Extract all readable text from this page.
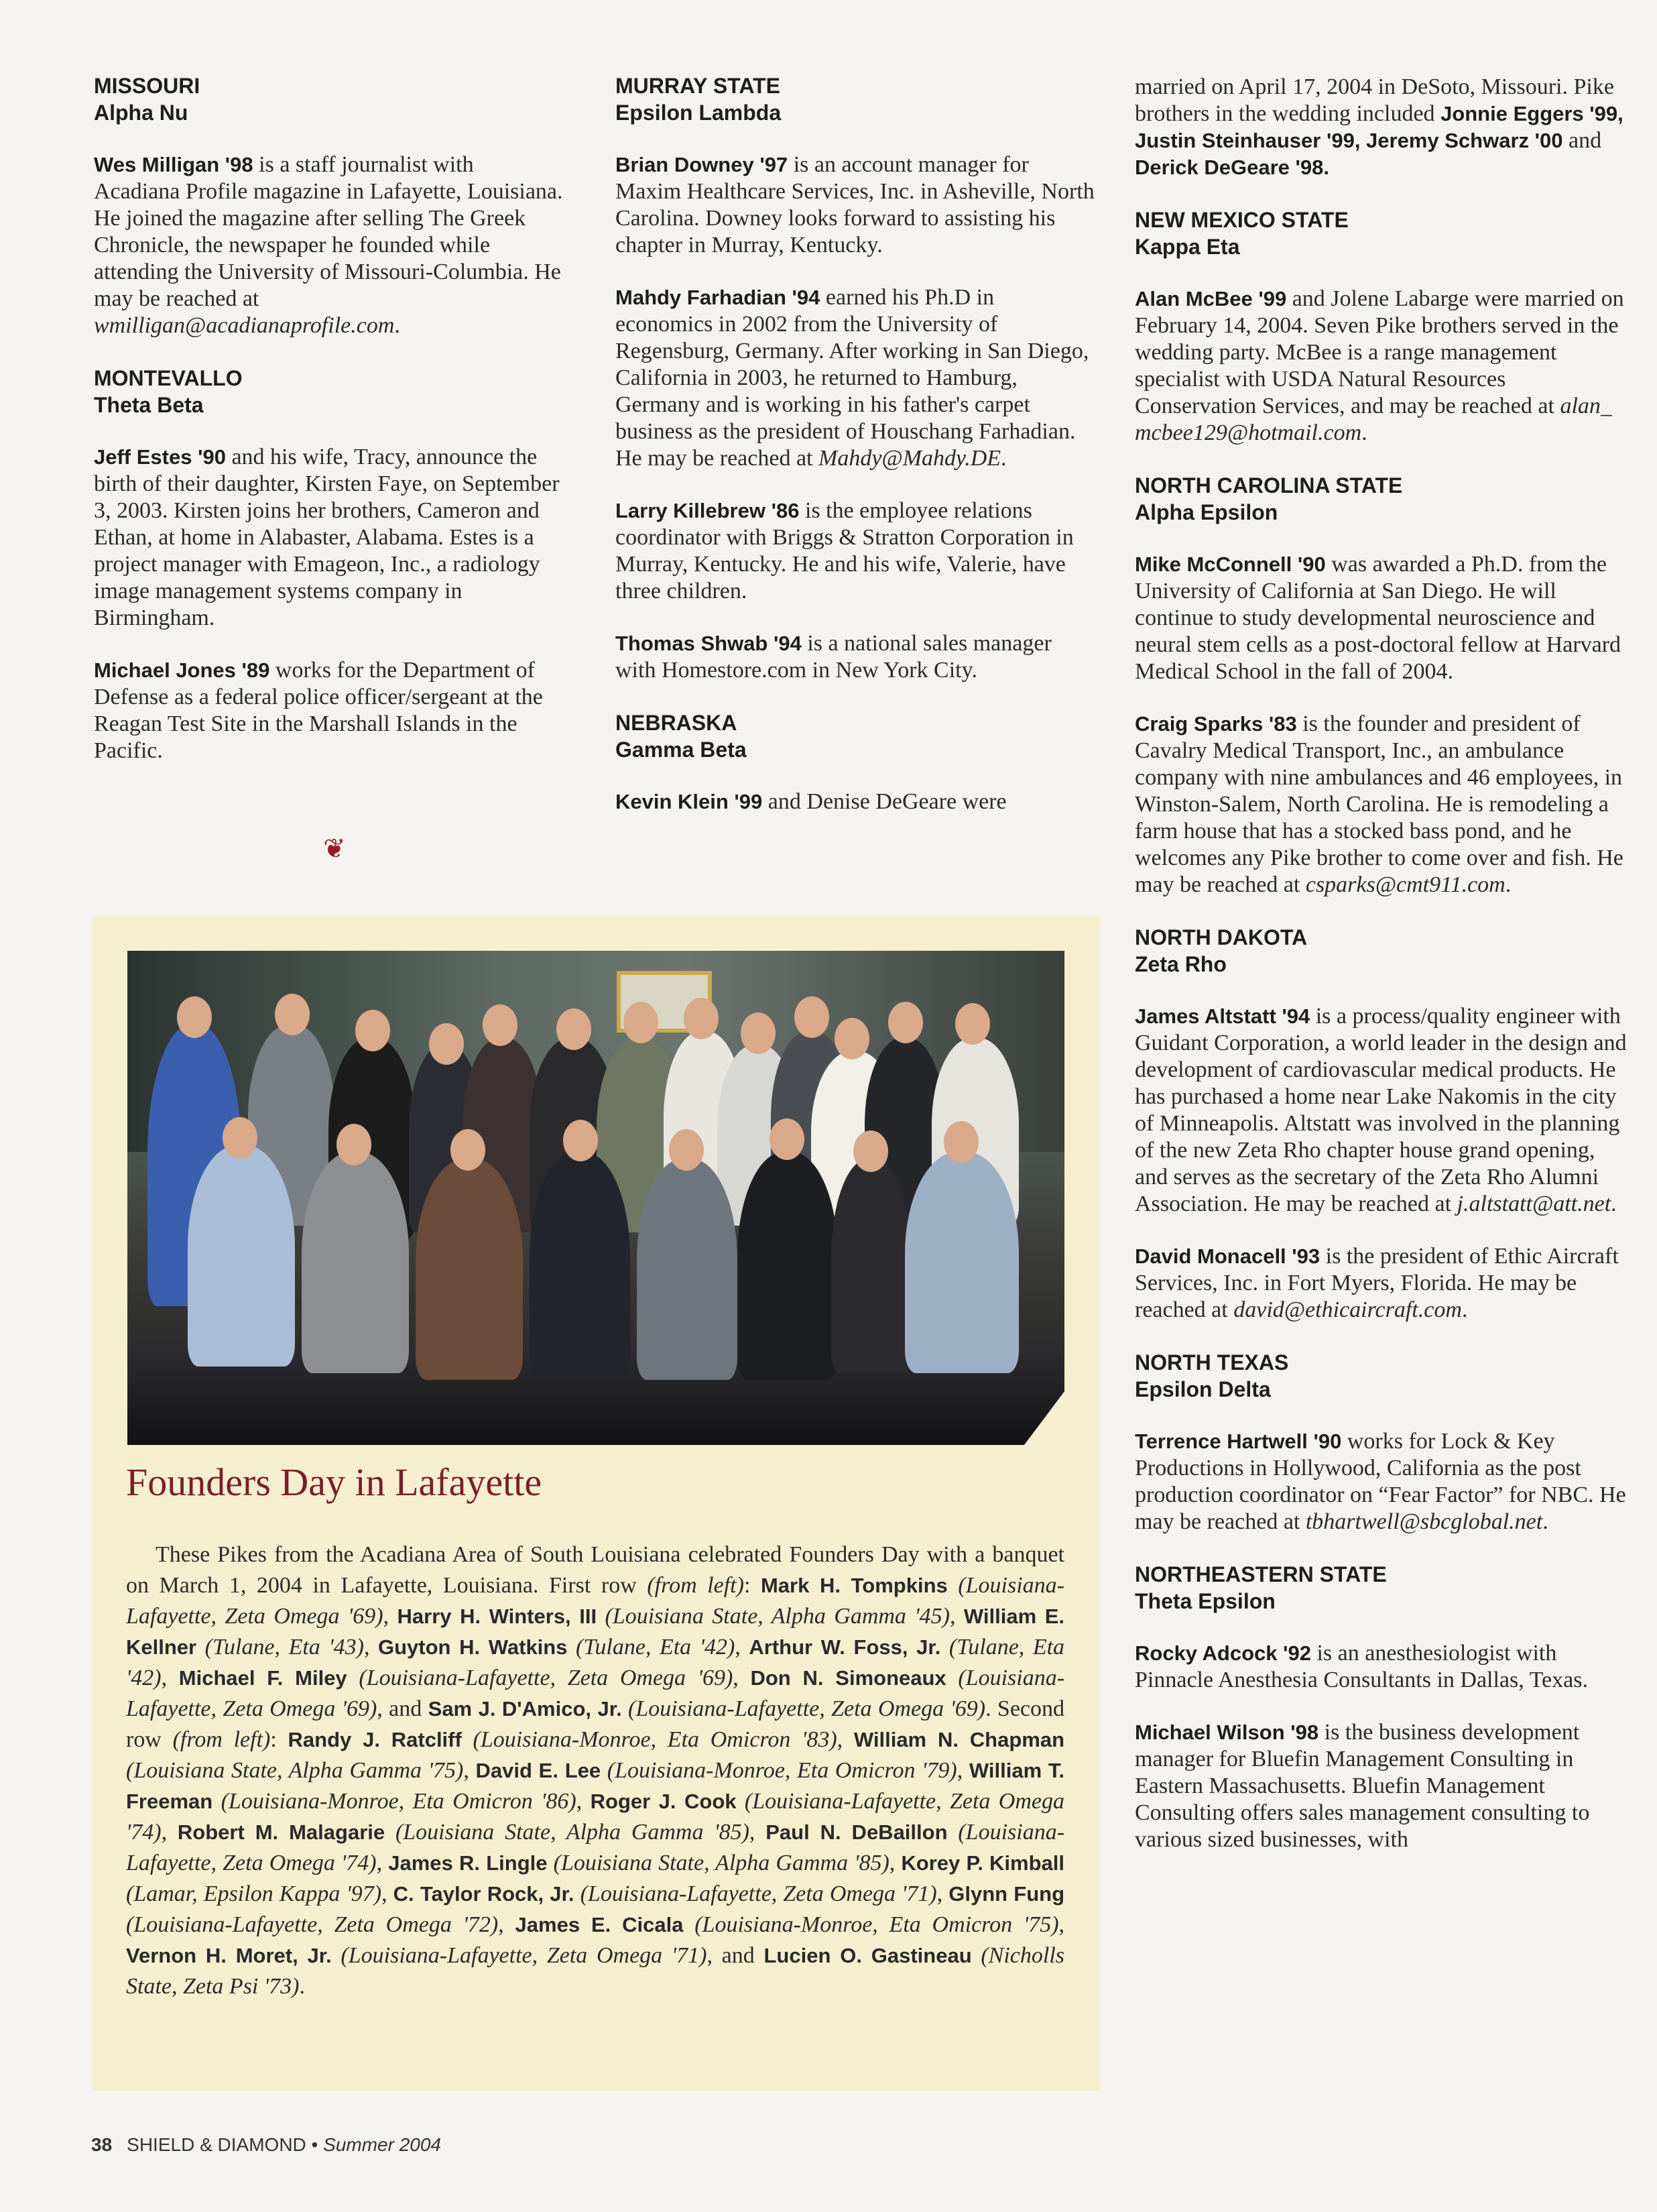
MISSOURI
Alpha Nu

Wes Milligan '98 is a staff journalist with Acadiana Profile magazine in Lafayette, Louisiana. He joined the magazine after selling The Greek Chronicle, the newspaper he founded while attending the University of Missouri-Columbia. He may be reached at wmilligan@acadianaprofile.com.

MONTEVALLO
Theta Beta

Jeff Estes '90 and his wife, Tracy, announce the birth of their daughter, Kirsten Faye, on September 3, 2003. Kirsten joins her brothers, Cameron and Ethan, at home in Alabaster, Alabama. Estes is a project manager with Emageon, Inc., a radiology image management systems company in Birmingham.

Michael Jones '89 works for the Department of Defense as a federal police officer/sergeant at the Reagan Test Site in the Marshall Islands in the Pacific.

❦
MURRAY STATE
Epsilon Lambda

Brian Downey '97 is an account manager for Maxim Healthcare Services, Inc. in Asheville, North Carolina. Downey looks forward to assisting his chapter in Murray, Kentucky.

Mahdy Farhadian '94 earned his Ph.D in economics in 2002 from the University of Regensburg, Germany. After working in San Diego, California in 2003, he returned to Hamburg, Germany and is working in his father's carpet business as the president of Houschang Farhadian. He may be reached at Mahdy@Mahdy.DE.

Larry Killebrew '86 is the employee relations coordinator with Briggs & Stratton Corporation in Murray, Kentucky. He and his wife, Valerie, have three children.

Thomas Shwab '94 is a national sales manager with Homestore.com in New York City.

NEBRASKA
Gamma Beta

Kevin Klein '99 and Denise DeGeare were

married on April 17, 2004 in DeSoto, Missouri. Pike brothers in the wedding included Jonnie Eggers '99, Justin Steinhauser '99, Jeremy Schwarz '00 and Derick DeGeare '98.

NEW MEXICO STATE
Kappa Eta

Alan McBee '99 and Jolene Labarge were married on February 14, 2004. Seven Pike brothers served in the wedding party. McBee is a range management specialist with USDA Natural Resources Conservation Services, and may be reached at alan_ mcbee129@hotmail.com.

NORTH CAROLINA STATE
Alpha Epsilon

Mike McConnell '90 was awarded a Ph.D. from the University of California at San Diego. He will continue to study developmental neuroscience and neural stem cells as a post-doctoral fellow at Harvard Medical School in the fall of 2004.

Craig Sparks '83 is the founder and president of Cavalry Medical Transport, Inc., an ambulance company with nine ambulances and 46 employees, in Winston-Salem, North Carolina. He is remodeling a farm house that has a stocked bass pond, and he welcomes any Pike brother to come over and fish. He may be reached at csparks@cmt911.com.

NORTH DAKOTA
Zeta Rho

James Altstatt '94 is a process/quality engineer with Guidant Corporation, a world leader in the design and development of cardiovascular medical products. He has purchased a home near Lake Nakomis in the city of Minneapolis. Altstatt was involved in the planning of the new Zeta Rho chapter house grand opening, and serves as the secretary of the Zeta Rho Alumni Association. He may be reached at j.altstatt@att.net.

David Monacell '93 is the president of Ethic Aircraft Services, Inc. in Fort Myers, Florida. He may be reached at david@ethicaircraft.com.

NORTH TEXAS
Epsilon Delta

Terrence Hartwell '90 works for Lock & Key Productions in Hollywood, California as the post production coordinator on “Fear Factor” for NBC. He may be reached at tbhartwell@sbcglobal.net.

NORTHEASTERN STATE
Theta Epsilon

Rocky Adcock '92 is an anesthesiologist with Pinnacle Anesthesia Consultants in Dallas, Texas.

Michael Wilson '98 is the business development manager for Bluefin Management Consulting in Eastern Massachusetts. Bluefin Management Consulting offers sales management consulting to various sized businesses, with

Founders Day in Lafayette
These Pikes from the Acadiana Area of South Louisiana celebrated Founders Day with a banquet on March 1, 2004 in Lafayette, Louisiana. First row (from left): Mark H. Tompkins (Louisiana-Lafayette, Zeta Omega '69), Harry H. Winters, III (Louisiana State, Alpha Gamma '45), William E. Kellner (Tulane, Eta '43), Guyton H. Watkins (Tulane, Eta '42), Arthur W. Foss, Jr. (Tulane, Eta '42), Michael F. Miley (Louisiana-Lafayette, Zeta Omega '69), Don N. Simoneaux (Louisiana-Lafayette, Zeta Omega '69), and Sam J. D'Amico, Jr. (Louisiana-Lafayette, Zeta Omega '69). Second row (from left): Randy J. Ratcliff (Louisiana-Monroe, Eta Omicron '83), William N. Chapman (Louisiana State, Alpha Gamma '75), David E. Lee (Louisiana-Monroe, Eta Omicron '79), William T. Freeman (Louisiana-Monroe, Eta Omicron '86), Roger J. Cook (Louisiana-Lafayette, Zeta Omega '74), Robert M. Malagarie (Louisiana State, Alpha Gamma '85), Paul N. DeBaillon (Louisiana-Lafayette, Zeta Omega '74), James R. Lingle (Louisiana State, Alpha Gamma '85), Korey P. Kimball (Lamar, Epsilon Kappa '97), C. Taylor Rock, Jr. (Louisiana-Lafayette, Zeta Omega '71), Glynn Fung (Louisiana-Lafayette, Zeta Omega '72), James E. Cicala (Louisiana-Monroe, Eta Omicron '75), Vernon H. Moret, Jr. (Louisiana-Lafayette, Zeta Omega '71), and Lucien O. Gastineau (Nicholls State, Zeta Psi '73).
38 SHIELD & DIAMOND • Summer 2004
